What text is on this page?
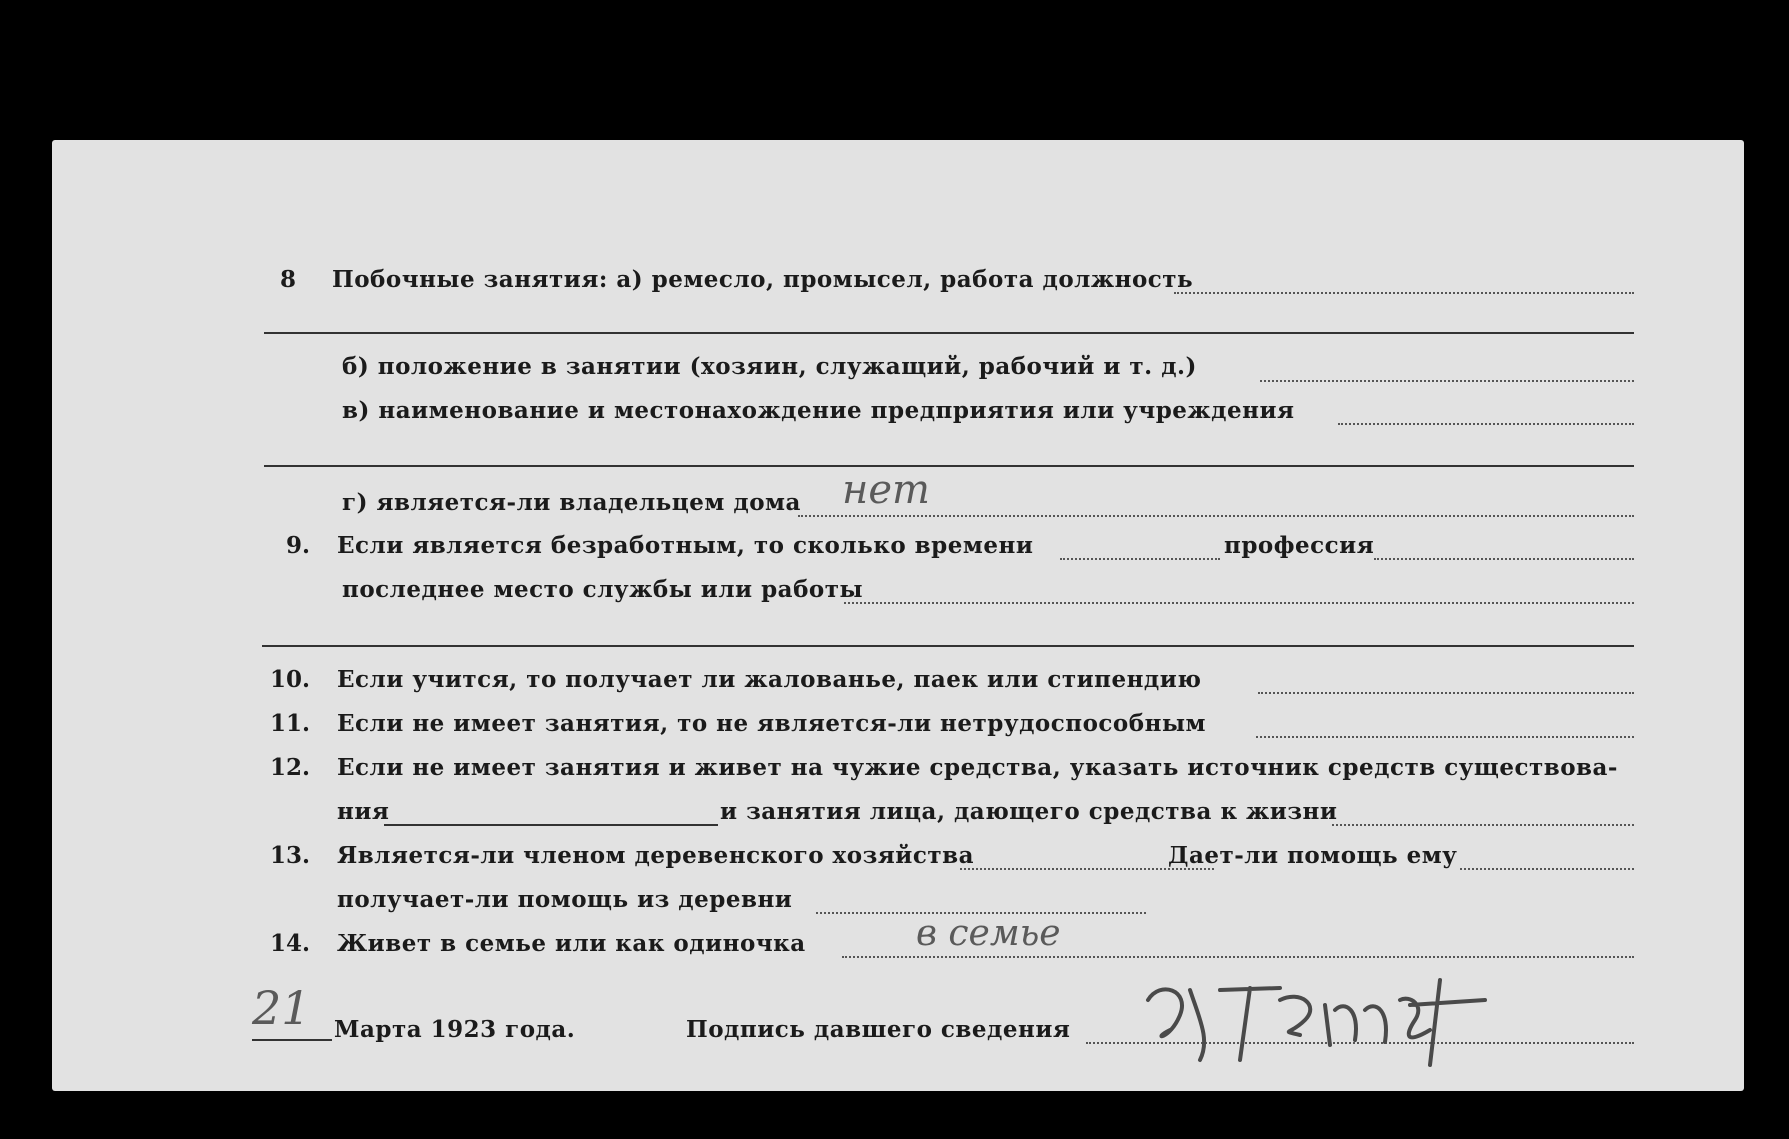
8 Побочные занятия: а) ремесло, промысел, работа должность
б) положение в занятии (хозяин, служащий, рабочий и т. д.)
в) наименование и местонахождение предприятия или учреждения
г) является-ли владельцем дома нет
9. Если является безработным, то сколько времени	професcия
последнее место службы или работы
10. Если учится, то получает ли жалованье, паек или стипендию
11. Если не имеет занятия, то не является-ли нетрудоспособным
12. Если не имеет занятия и живет на чужие средства, указать источник средств существова-
ния	и занятия лица, дающего средства к жизни
13. Является-ли членом деревенского хозяйства	Дает-ли помощь ему
получает-ли помощь из деревни
14. Живет в семье или как одиночка	в семье
21 Марта 1923 года.	Подпись давшего сведения
